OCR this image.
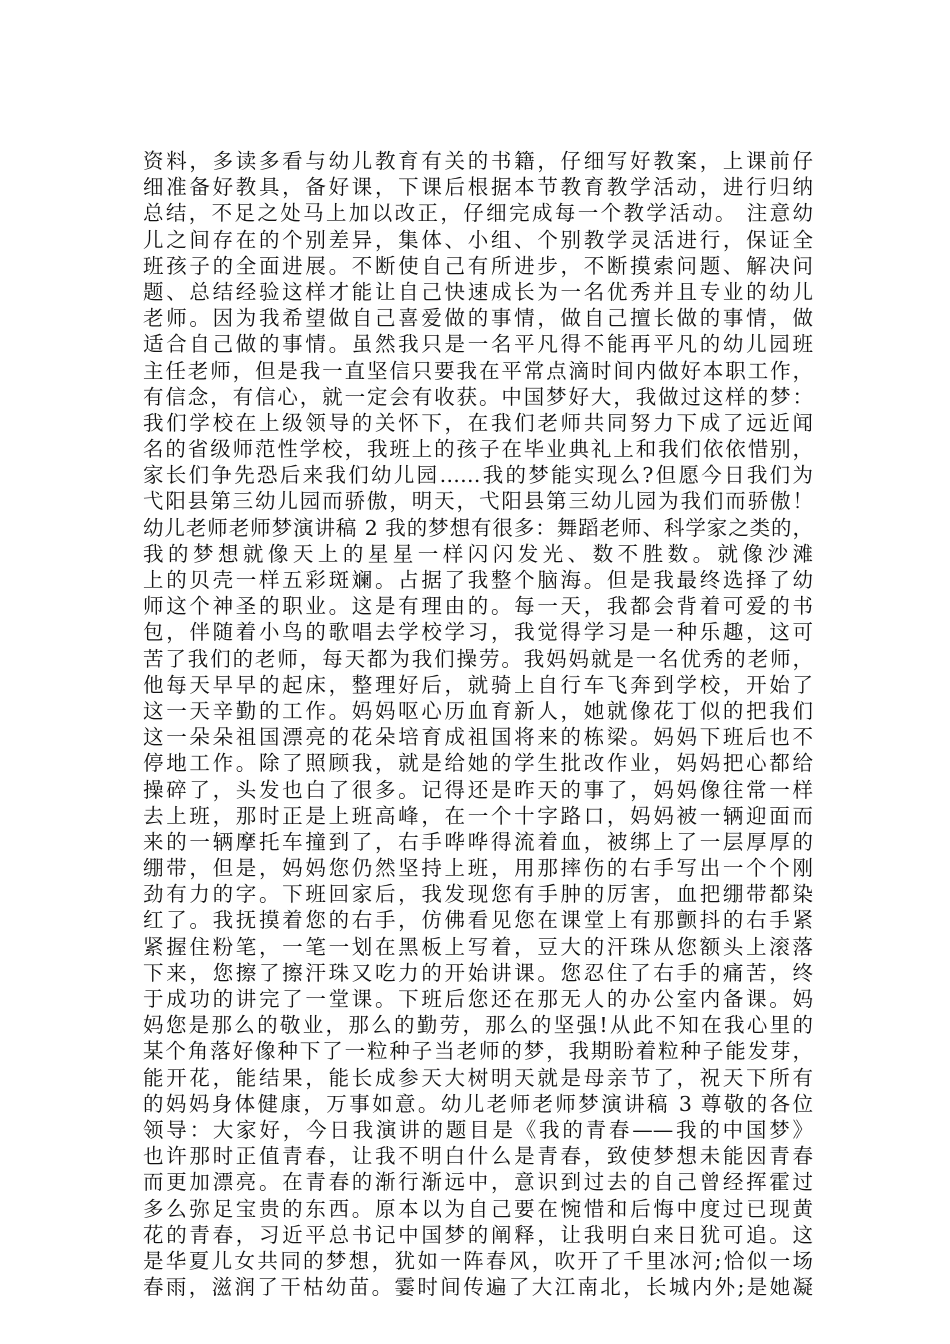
资料，多读多看与幼儿教育有关的书籍，仔细写好教案，上课前仔
细准备好教具，备好课，下课后根据本节教育教学活动，进行归纳
总结，不足之处马上加以改正，仔细完成每一个教学活动。 注意幼
儿之间存在的个别差异，集体、小组、个别教学灵活进行，保证全
班孩子的全面进展。不断使自己有所进步，不断摸索问题、解决问
题、总结经验这样才能让自己快速成长为一名优秀并且专业的幼儿
老师。因为我希望做自己喜爱做的事情，做自己擅长做的事情，做
适合自己做的事情。虽然我只是一名平凡得不能再平凡的幼儿园班
主任老师，但是我一直坚信只要我在平常点滴时间内做好本职工作，
有信念，有信心，就一定会有收获。中国梦好大，我做过这样的梦：
我们学校在上级领导的关怀下，在我们老师共同努力下成了远近闻
名的省级师范性学校，我班上的孩子在毕业典礼上和我们依依惜别，
家长们争先恐后来我们幼儿园……我的梦能实现么?但愿今日我们为
弋阳县第三幼儿园而骄傲，明天，弋阳县第三幼儿园为我们而骄傲！
幼儿老师老师梦演讲稿 2 我的梦想有很多：舞蹈老师、科学家之类的，
我的梦想就像天上的星星一样闪闪发光、数不胜数。就像沙滩
上的贝壳一样五彩斑斓。占据了我整个脑海。但是我最终选择了幼
师这个神圣的职业。这是有理由的。每一天，我都会背着可爱的书
包，伴随着小鸟的歌唱去学校学习，我觉得学习是一种乐趣，这可
苦了我们的老师，每天都为我们操劳。我妈妈就是一名优秀的老师，
他每天早早的起床，整理好后，就骑上自行车飞奔到学校，开始了
这一天辛勤的工作。妈妈呕心历血育新人，她就像花丁似的把我们
这一朵朵祖国漂亮的花朵培育成祖国将来的栋梁。妈妈下班后也不
停地工作。除了照顾我，就是给她的学生批改作业，妈妈把心都给
操碎了，头发也白了很多。记得还是昨天的事了，妈妈像往常一样
去上班，那时正是上班高峰，在一个十字路口，妈妈被一辆迎面而
来的一辆摩托车撞到了，右手哗哗得流着血，被绑上了一层厚厚的
绷带，但是，妈妈您仍然坚持上班，用那摔伤的右手写出一个个刚
劲有力的字。下班回家后，我发现您有手肿的厉害，血把绷带都染
红了。我抚摸着您的右手，仿佛看见您在课堂上有那颤抖的右手紧
紧握住粉笔，一笔一划在黑板上写着，豆大的汗珠从您额头上滚落
下来，您擦了擦汗珠又吃力的开始讲课。您忍住了右手的痛苦，终
于成功的讲完了一堂课。下班后您还在那无人的办公室内备课。妈
妈您是那么的敬业，那么的勤劳，那么的坚强!从此不知在我心里的
某个角落好像种下了一粒种子当老师的梦，我期盼着粒种子能发芽，
能开花，能结果，能长成参天大树明天就是母亲节了，祝天下所有
的妈妈身体健康，万事如意。幼儿老师老师梦演讲稿 3 尊敬的各位
领导：大家好，今日我演讲的题目是《我的青春——我的中国梦》
也许那时正值青春，让我不明白什么是青春，致使梦想未能因青春
而更加漂亮。在青春的渐行渐远中，意识到过去的自己曾经挥霍过
多么弥足宝贵的东西。原本以为自己要在惋惜和后悔中度过已现黄
花的青春，习近平总书记中国梦的阐释，让我明白来日犹可追。这
是华夏儿女共同的梦想，犹如一阵春风，吹开了千里冰河;恰似一场
春雨，滋润了干枯幼苗。霎时间传遍了大江南北，长城内外;是她凝
